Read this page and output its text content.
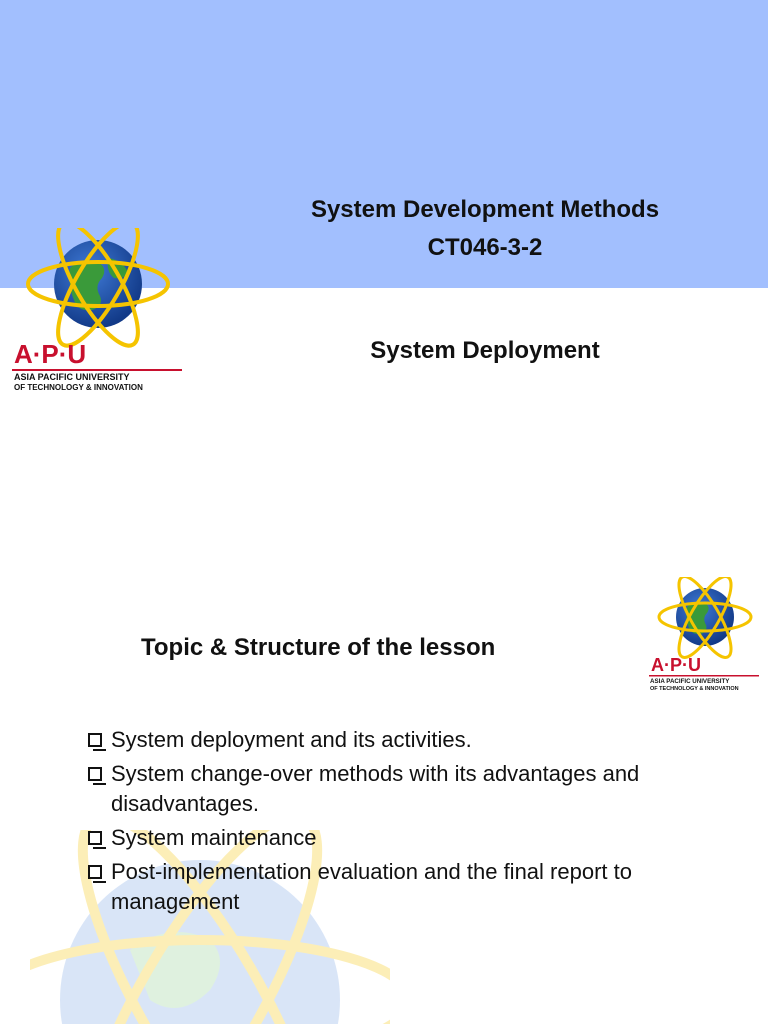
System Development Methods
CT046-3-2
System Deployment
A·P·U
ASIA PACIFIC UNIVERSITY
OF TECHNOLOGY & INNOVATION
A·P·U
ASIA PACIFIC UNIVERSITY
OF TECHNOLOGY & INNOVATION
Topic & Structure of the lesson
System deployment and its activities.
System change-over methods with its advantages and disadvantages.
System maintenance
Post-implementation evaluation and the final report to management
